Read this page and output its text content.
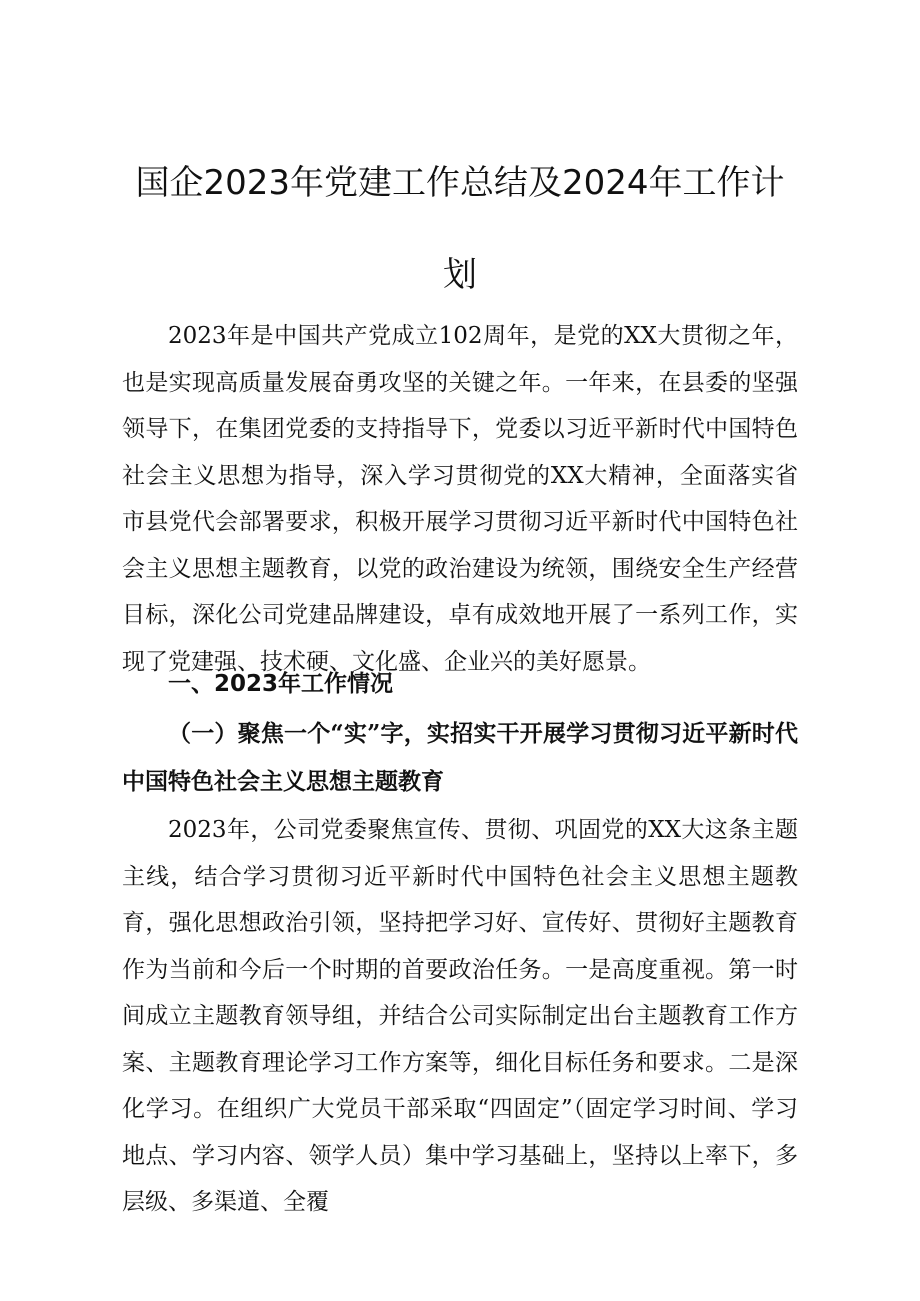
国企2023年党建工作总结及2024年工作计
划

2023年是中国共产党成立102周年，是党的XX大贯彻之年，也是实现高质量发展奋勇攻坚的关键之年。一年来，在县委的坚强领导下，在集团党委的支持指导下，党委以习近平新时代中国特色社会主义思想为指导，深入学习贯彻党的XX大精神，全面落实省市县党代会部署要求，积极开展学习贯彻习近平新时代中国特色社会主义思想主题教育，以党的政治建设为统领，围绕安全生产经营目标，深化公司党建品牌建设，卓有成效地开展了一系列工作，实现了党建强、技术硬、文化盛、企业兴的美好愿景。

一、2023年工作情况
（一）聚焦一个“实”字，实招实干开展学习贯彻习近平新时代中国特色社会主义思想主题教育

2023年，公司党委聚焦宣传、贯彻、巩固党的XX大这条主题主线，结合学习贯彻习近平新时代中国特色社会主义思想主题教育，强化思想政治引领，坚持把学习好、宣传好、贯彻好主题教育作为当前和今后一个时期的首要政治任务。一是高度重视。第一时间成立主题教育领导组，并结合公司实际制定出台主题教育工作方案、主题教育理论学习工作方案等，细化目标任务和要求。二是深化学习。在组织广大党员干部采取“四固定”（固定学习时间、学习地点、学习内容、领学人员）集中学习基础上，坚持以上率下，多层级、多渠道、全覆
